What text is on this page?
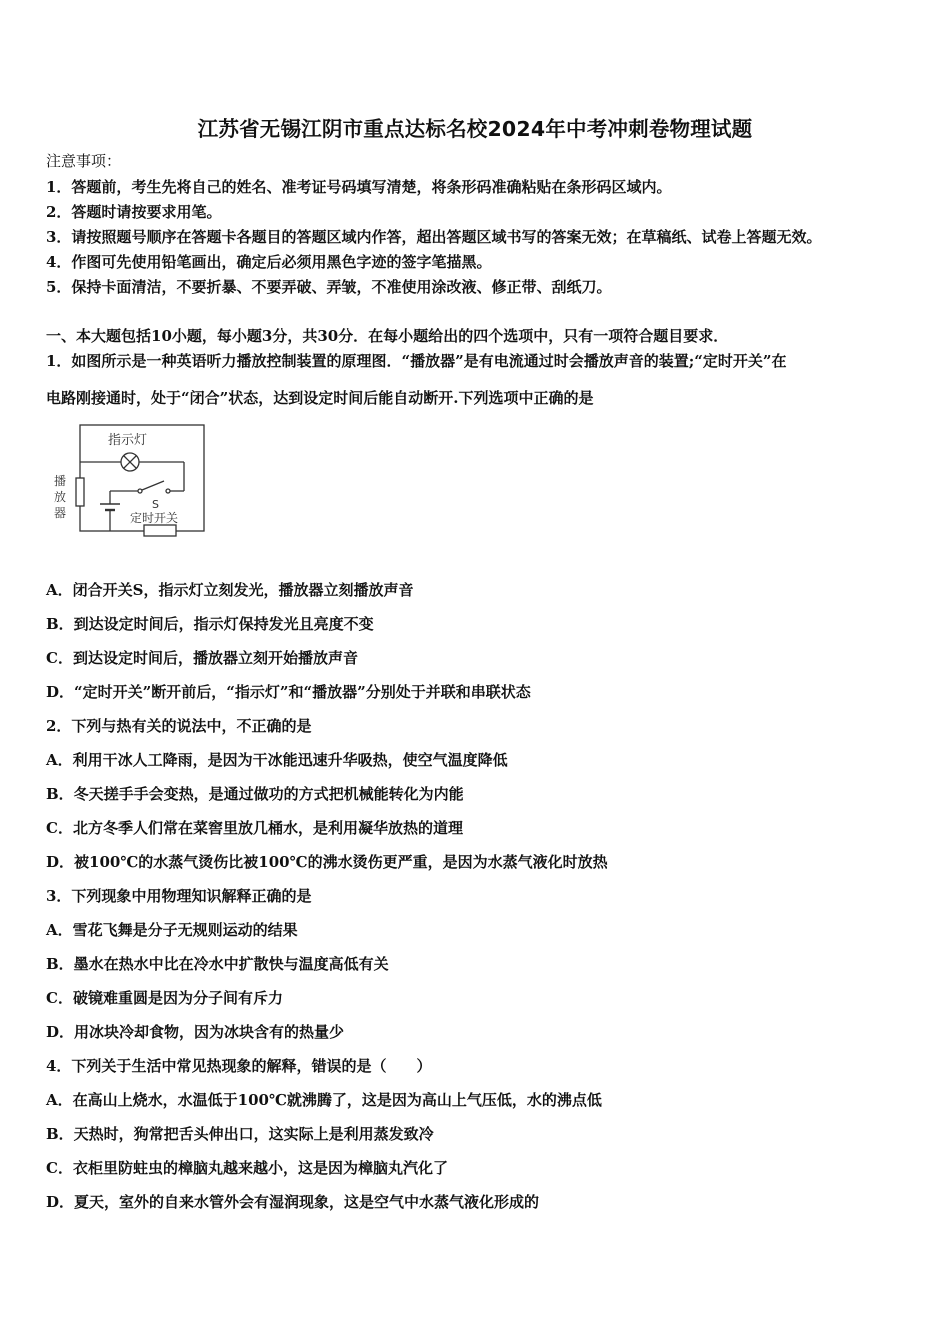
江苏省无锡江阴市重点达标名校2024年中考冲刺卷物理试题
注意事项：
1．答题前，考生先将自己的姓名、准考证号码填写清楚，将条形码准确粘贴在条形码区域内。
2．答题时请按要求用笔。
3．请按照题号顺序在答题卡各题目的答题区域内作答，超出答题区域书写的答案无效；在草稿纸、试卷上答题无效。
4．作图可先使用铅笔画出，确定后必须用黑色字迹的签字笔描黑。
5．保持卡面清洁，不要折暴、不要弄破、弄皱，不准使用涂改液、修正带、刮纸刀。
一、本大题包括10小题，每小题3分，共30分．在每小题给出的四个选项中，只有一项符合题目要求．
1．如图所示是一种英语听力播放控制装置的原理图．“播放器”是有电流通过时会播放声音的装置;“定时开关”在
电路刚接通时，处于“闭合”状态，达到设定时间后能自动断开.下列选项中正确的是
指示灯
播
放
器
S
定时开关
A．闭合开关S，指示灯立刻发光，播放器立刻播放声音
B．到达设定时间后，指示灯保持发光且亮度不变
C．到达设定时间后，播放器立刻开始播放声音
D．“定时开关”断开前后，“指示灯”和“播放器”分别处于并联和串联状态
2．下列与热有关的说法中，不正确的是
A．利用干冰人工降雨，是因为干冰能迅速升华吸热，使空气温度降低
B．冬天搓手手会变热，是通过做功的方式把机械能转化为内能
C．北方冬季人们常在菜窖里放几桶水，是利用凝华放热的道理
D．被100℃的水蒸气烫伤比被100℃的沸水烫伤更严重，是因为水蒸气液化时放热
3．下列现象中用物理知识解释正确的是
A．雪花飞舞是分子无规则运动的结果
B．墨水在热水中比在冷水中扩散快与温度高低有关
C．破镜难重圆是因为分子间有斥力
D．用冰块冷却食物，因为冰块含有的热量少
4．下列关于生活中常见热现象的解释，错误的是（　　）
A．在高山上烧水，水温低于100℃就沸腾了，这是因为高山上气压低，水的沸点低
B．天热时，狗常把舌头伸出口，这实际上是利用蒸发致冷
C．衣柜里防蛀虫的樟脑丸越来越小，这是因为樟脑丸汽化了
D．夏天，室外的自来水管外会有湿润现象，这是空气中水蒸气液化形成的
